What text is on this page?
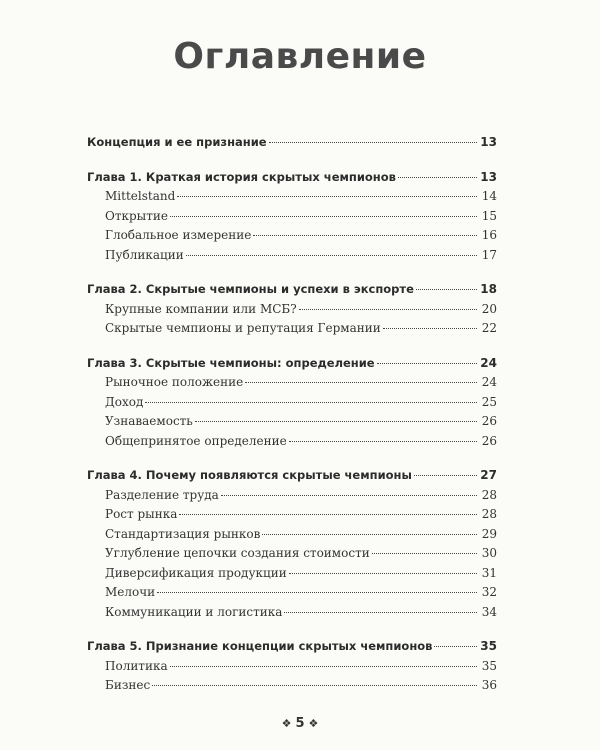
Оглавление
Концепция и ее признание	13
Глава 1. Краткая история скрытых чемпионов	13
Mittelstand	14
Открытие	15
Глобальное измерение	16
Публикации	17
Глава 2. Скрытые чемпионы и успехи в экспорте	18
Крупные компании или МСБ?	20
Скрытые чемпионы и репутация Германии	22
Глава 3. Скрытые чемпионы: определение	24
Рыночное положение	24
Доход	25
Узнаваемость	26
Общепринятое определение	26
Глава 4. Почему появляются скрытые чемпионы	27
Разделение труда	28
Рост рынка	28
Стандартизация рынков	29
Углубление цепочки создания стоимости	30
Диверсификация продукции	31
Мелочи	32
Коммуникации и логистика	34
Глава 5. Признание концепции скрытых чемпионов	35
Политика	35
Бизнес	36
❖ 5 ❖
